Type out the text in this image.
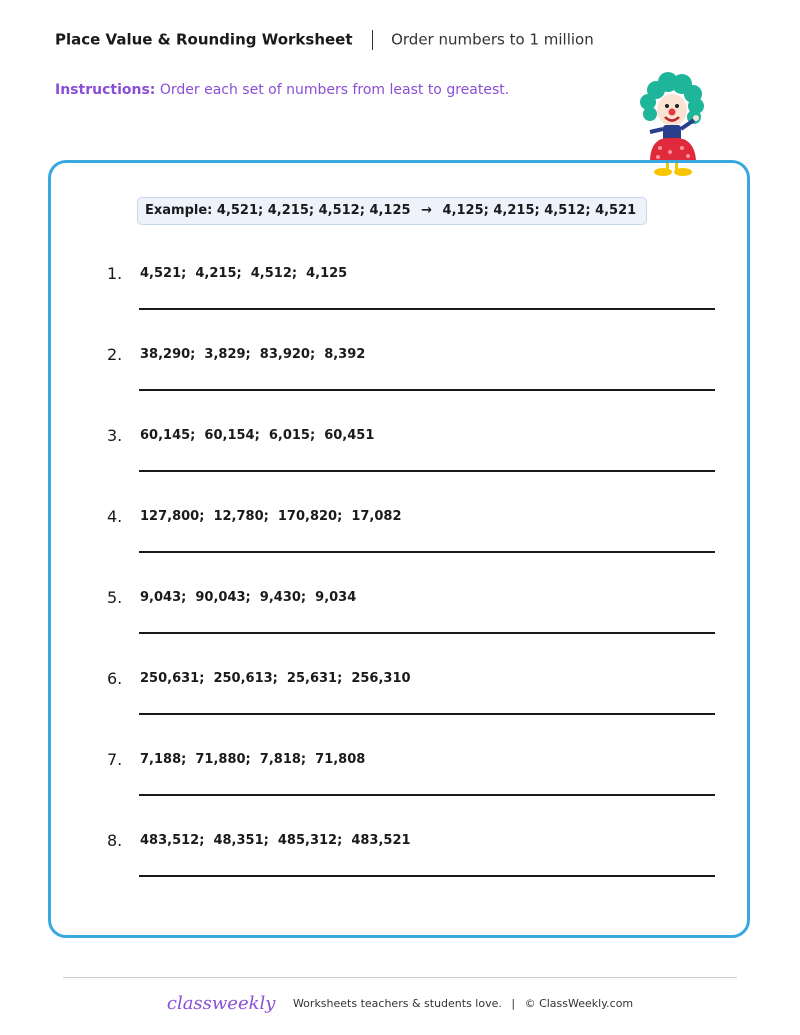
Place Value & Rounding Worksheet	Order numbers to 1 million
Instructions: Order each set of numbers from least to greatest.
Example: 4,521; 4,215; 4,512; 4,125 → 4,125; 4,215; 4,512; 4,521
1. 4,521;  4,215;  4,512;  4,125
2. 38,290;  3,829;  83,920;  8,392
3. 60,145;  60,154;  6,015;  60,451
4. 127,800;  12,780;  170,820;  17,082
5. 9,043;  90,043;  9,430;  9,034
6. 250,631;  250,613;  25,631;  256,310
7. 7,188;  71,880;  7,818;  71,808
8. 483,512;  48,351;  485,312;  483,521
classweekly Worksheets teachers & students love. | © ClassWeekly.com
